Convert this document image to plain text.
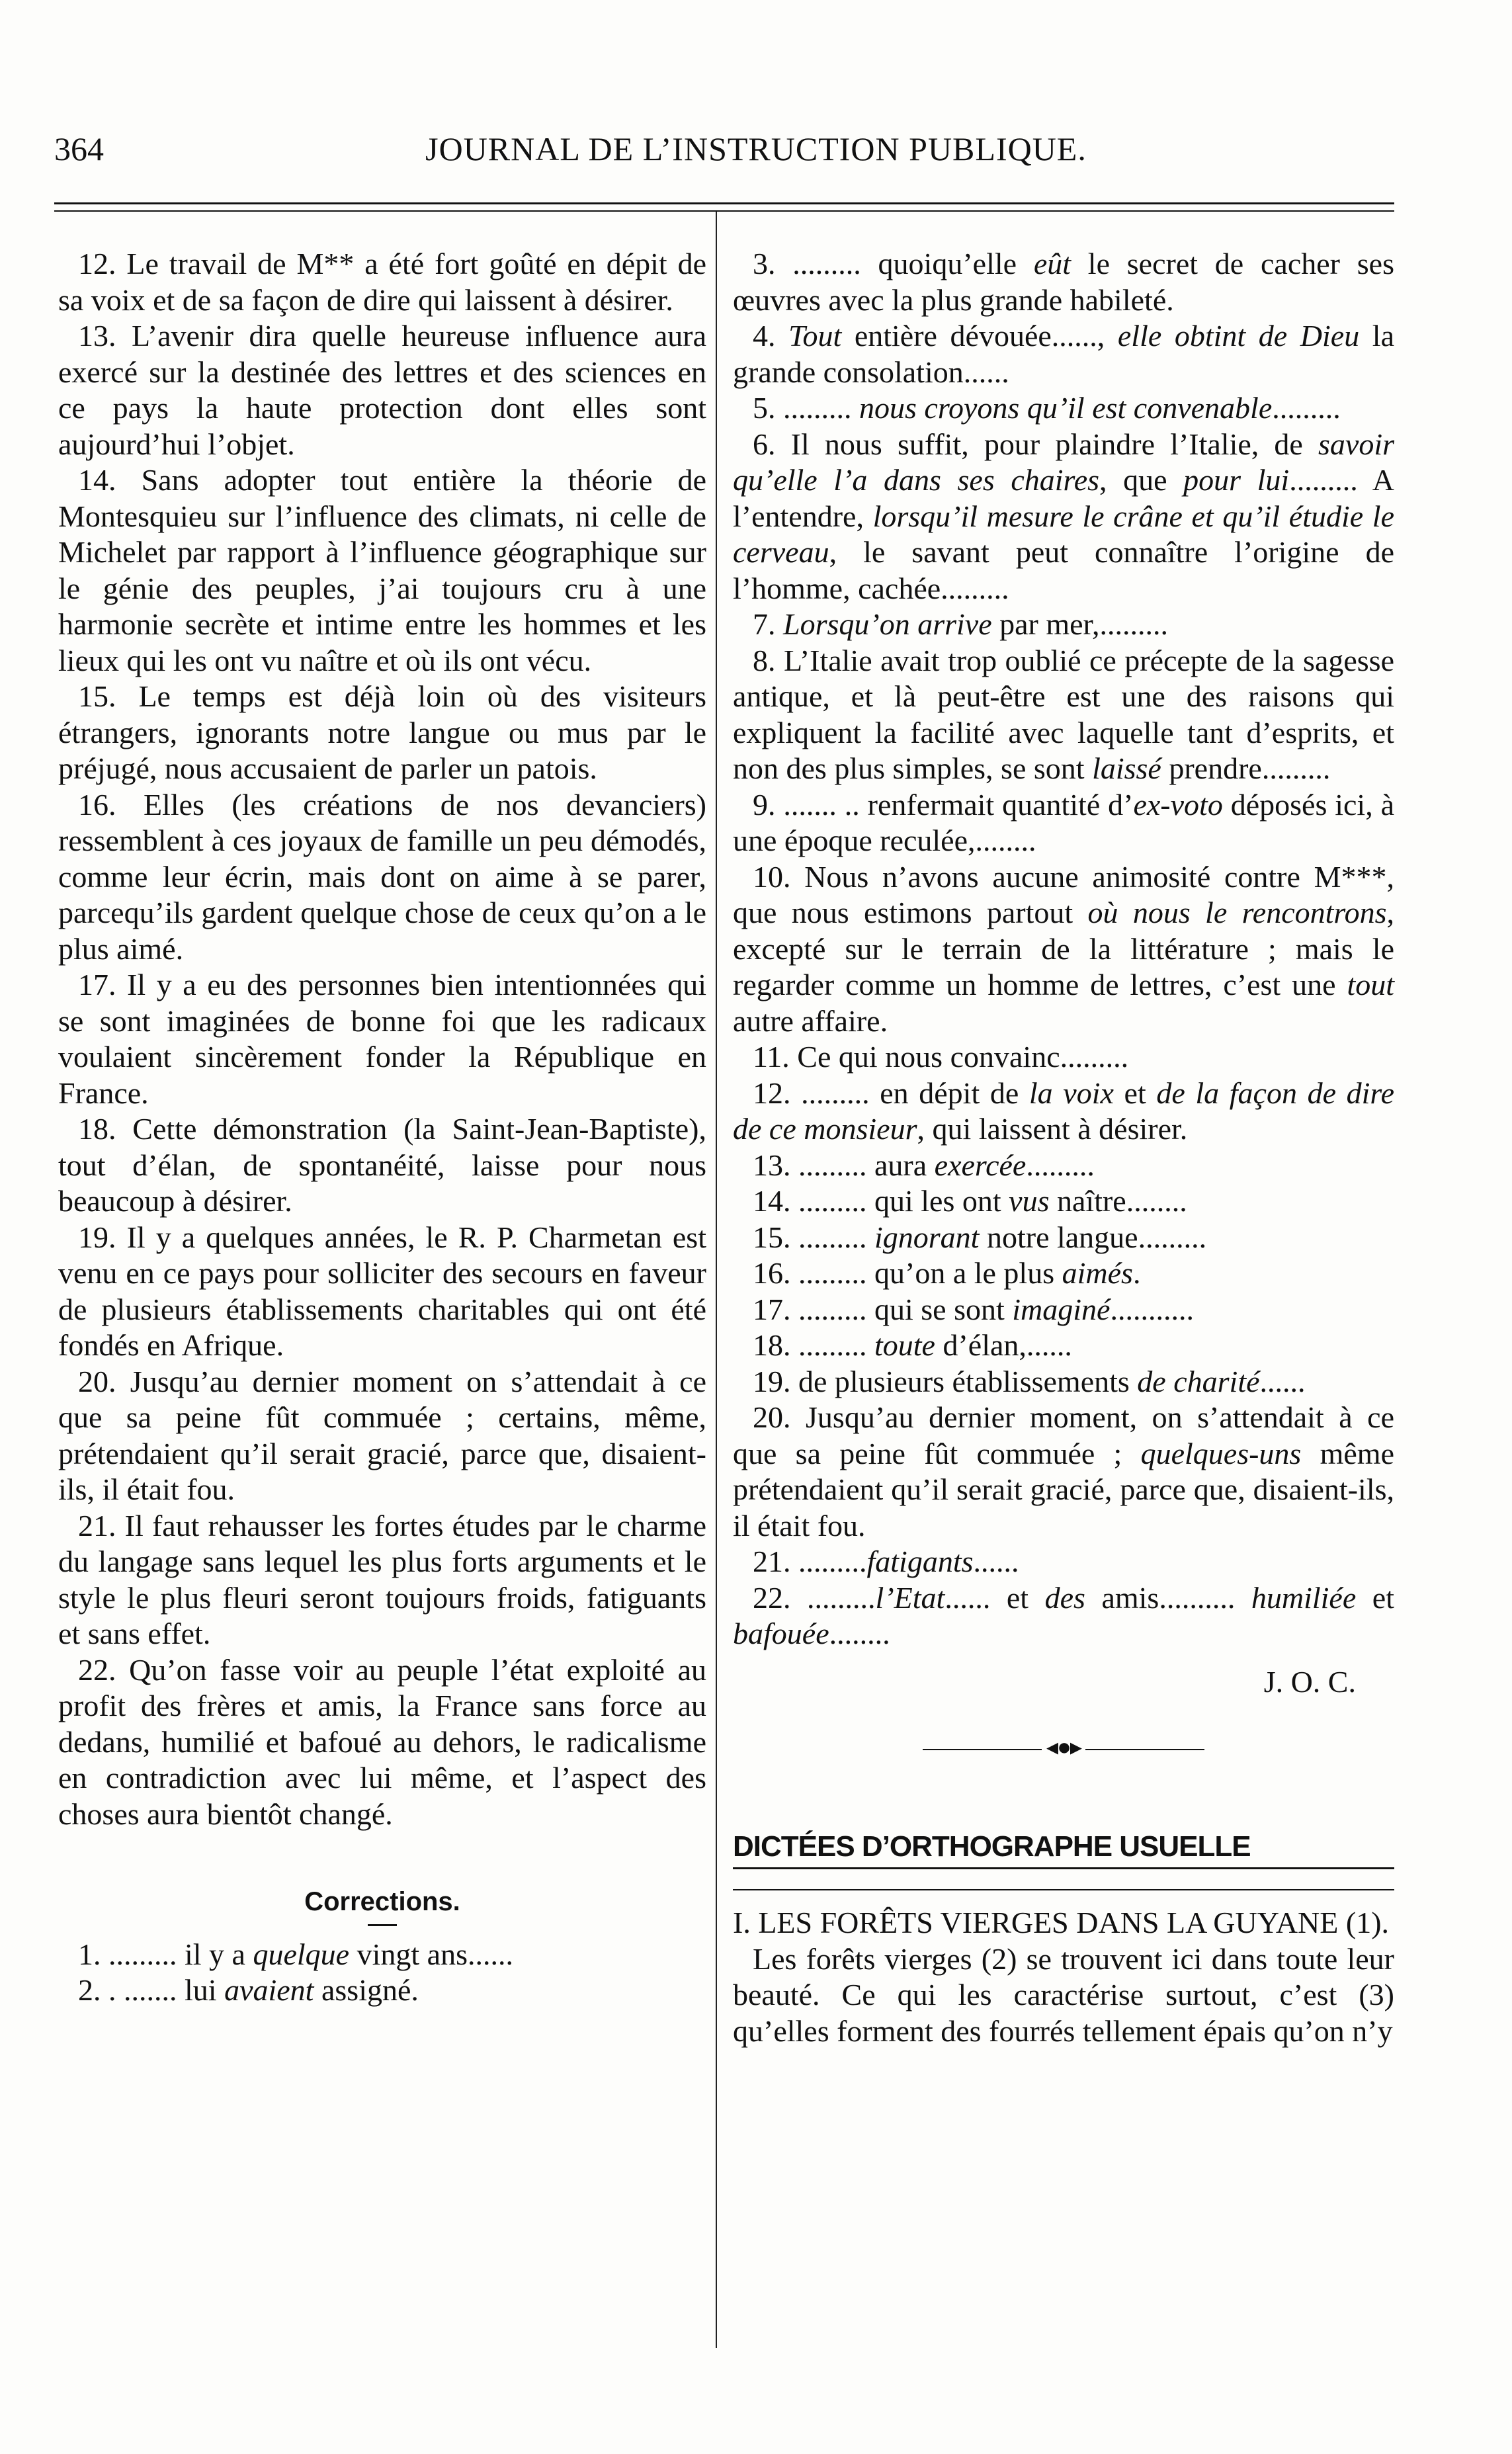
364	JOURNAL DE L’INSTRUCTION PUBLIQUE.

12. Le travail de M** a été fort goûté en dépit de sa voix et de sa façon de dire qui laissent à désirer.

13. L’avenir dira quelle heureuse influence aura exercé sur la destinée des lettres et des sciences en ce pays la haute protection dont elles sont aujourd’hui l’objet.

14. Sans adopter tout entière la théorie de Montesquieu sur l’influence des climats, ni celle de Michelet par rapport à l’influence géographique sur le génie des peuples, j’ai toujours cru à une harmonie secrète et intime entre les hommes et les lieux qui les ont vu naître et où ils ont vécu.

15. Le temps est déjà loin où des visiteurs étrangers, ignorants notre langue ou mus par le préjugé, nous accusaient de parler un patois.

16. Elles (les créations de nos devanciers) ressemblent à ces joyaux de famille un peu démodés, comme leur écrin, mais dont on aime à se parer, parcequ’ils gardent quelque chose de ceux qu’on a le plus aimé.

17. Il y a eu des personnes bien intentionnées qui se sont imaginées de bonne foi que les radicaux voulaient sincèrement fonder la République en France.

18. Cette démonstration (la Saint-Jean-Baptiste), tout d’élan, de spontanéité, laisse pour nous beaucoup à désirer.

19. Il y a quelques années, le R. P. Charmetan est venu en ce pays pour solliciter des secours en faveur de plusieurs établissements charitables qui ont été fondés en Afrique.

20. Jusqu’au dernier moment on s’attendait à ce que sa peine fût commuée ; certains, même, prétendaient qu’il serait gracié, parce que, disaient-ils, il était fou.

21. Il faut rehausser les fortes études par le charme du langage sans lequel les plus forts arguments et le style le plus fleuri seront toujours froids, fatiguants et sans effet.

22. Qu’on fasse voir au peuple l’état exploité au profit des frères et amis, la France sans force au dedans, humilié et bafoué au dehors, le radicalisme en contradiction avec lui même, et l’aspect des choses aura bientôt changé.

Corrections.

1. ......... il y a quelque vingt ans......

2. . ....... lui avaient assigné.

3. ......... quoiqu’elle eût le secret de cacher ses œuvres avec la plus grande habileté.

4. Tout entière dévouée......, elle obtint de Dieu la grande consolation......

5. ......... nous croyons qu’il est convenable.........

6. Il nous suffit, pour plaindre l’Italie, de savoir qu’elle l’a dans ses chaires, que pour lui......... A l’entendre, lorsqu’il mesure le crâne et qu’il étudie le cerveau, le savant peut connaître l’origine de l’homme, cachée.........

7. Lorsqu’on arrive par mer,.........

8. L’Italie avait trop oublié ce précepte de la sagesse antique, et là peut-être est une des raisons qui expliquent la facilité avec laquelle tant d’esprits, et non des plus simples, se sont laissé prendre.........

9. ....... .. renfermait quantité d’ex-voto déposés ici, à une époque reculée,........

10. Nous n’avons aucune animosité contre M***, que nous estimons partout où nous le rencontrons, excepté sur le terrain de la littérature ; mais le regarder comme un homme de lettres, c’est une tout autre affaire.

11. Ce qui nous convainc.........

12. ......... en dépit de la voix et de la façon de dire de ce monsieur, qui laissent à désirer.

13. ......... aura exercée.........

14. ......... qui les ont vus naître........

15. ......... ignorant notre langue.........

16. ......... qu’on a le plus aimés.

17. ......... qui se sont imaginé...........

18. ......... toute d’élan,......

19. de plusieurs établissements de charité......

20. Jusqu’au dernier moment, on s’attendait à ce que sa peine fût commuée ; quelques-uns même prétendaient qu’il serait gracié, parce que, disaient-ils, il était fou.

21. .........fatigants......

22. .........l’Etat...... et des amis.......... humiliée et bafouée........

J. O. C.

◂●▸
DICTÉES D’ORTHOGRAPHE USUELLE

I. LES FORÊTS VIERGES DANS LA GUYANE (1).

Les forêts vierges (2) se trouvent ici dans toute leur beauté. Ce qui les caractérise surtout, c’est (3) qu’elles forment des fourrés tellement épais qu’on n’y
